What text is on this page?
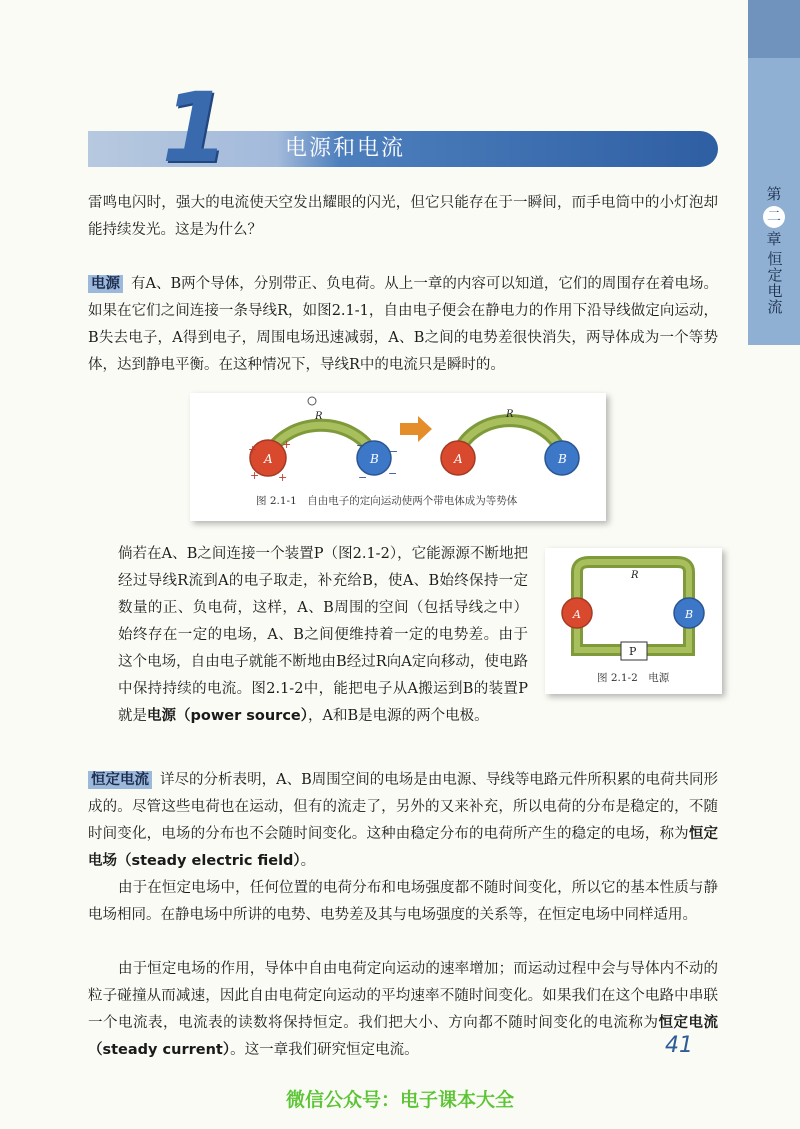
第
二
章
恒定电流
1	电源和电流
雷鸣电闪时，强大的电流使天空发出耀眼的闪光，但它只能存在于一瞬间，而手电筒中的小灯泡却能持续发光。这是为什么？
电源 有A、B两个导体，分别带正、负电荷。从上一章的内容可以知道，它们的周围存在着电场。如果在它们之间连接一条导线R，如图2.1-1，自由电子便会在静电力的作用下沿导线做定向运动，B失去电子，A得到电子，周围电场迅速减弱，A、B之间的电势差很快消失，两导体成为一个等势体，达到静电平衡。在这种情况下，导线R中的电流只是瞬时的。
R
A
+ +
+ +
B
− −
− −
R
A	B
图 2.1-1　自由电子的定向运动使两个带电体成为等势体
倘若在A、B之间连接一个装置P（图2.1-2），它能源源不断地把经过导线R流到A的电子取走，补充给B，使A、B始终保持一定数量的正、负电荷，这样，A、B周围的空间（包括导线之中）始终存在一定的电场，A、B之间便维持着一定的电势差。由于这个电场，自由电子就能不断地由B经过R向A定向移动，使电路中保持持续的电流。图2.1-2中，能把电子从A搬运到B的装置P就是电源（power source），A和B是电源的两个电极。
R
A	B
P
图 2.1-2　电源
恒定电流 详尽的分析表明，A、B周围空间的电场是由电源、导线等电路元件所积累的电荷共同形成的。尽管这些电荷也在运动，但有的流走了，另外的又来补充，所以电荷的分布是稳定的，不随时间变化，电场的分布也不会随时间变化。这种由稳定分布的电荷所产生的稳定的电场，称为恒定电场（steady electric field）。
由于在恒定电场中，任何位置的电荷分布和电场强度都不随时间变化，所以它的基本性质与静电场相同。在静电场中所讲的电势、电势差及其与电场强度的关系等，在恒定电场中同样适用。
由于恒定电场的作用，导体中自由电荷定向运动的速率增加；而运动过程中会与导体内不动的粒子碰撞从而减速，因此自由电荷定向运动的平均速率不随时间变化。如果我们在这个电路中串联一个电流表，电流表的读数将保持恒定。我们把大小、方向都不随时间变化的电流称为恒定电流（steady current）。这一章我们研究恒定电流。	41
微信公众号：电子课本大全
